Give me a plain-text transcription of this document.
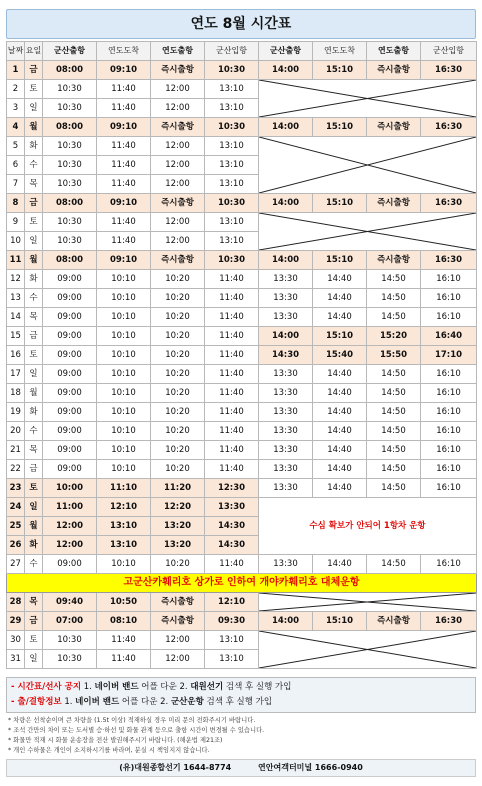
연도 8월 시간표
날짜	요일	군산출항	연도도착	연도출항	군산입항	군산출항	연도도착	연도출항	군산입항
1	금	08:00	09:10	즉시출항	10:30	14:00	15:10	즉시출항	16:30
2	토	10:30	11:40	12:00	13:10	

3	일	10:30	11:40	12:00	13:10				
4	월	08:00	09:10	즉시출항	10:30	14:00	15:10	즉시출항	16:30
5	화	10:30	11:40	12:00	13:10	

6	수	10:30	11:40	12:00	13:10				
7	목	10:30	11:40	12:00	13:10				
8	금	08:00	09:10	즉시출항	10:30	14:00	15:10	즉시출항	16:30
9	토	10:30	11:40	12:00	13:10	

10	일	10:30	11:40	12:00	13:10				
11	월	08:00	09:10	즉시출항	10:30	14:00	15:10	즉시출항	16:30
12	화	09:00	10:10	10:20	11:40	13:30	14:40	14:50	16:10
13	수	09:00	10:10	10:20	11:40	13:30	14:40	14:50	16:10
14	목	09:00	10:10	10:20	11:40	13:30	14:40	14:50	16:10
15	금	09:00	10:10	10:20	11:40	14:00	15:10	15:20	16:40
16	토	09:00	10:10	10:20	11:40	14:30	15:40	15:50	17:10
17	일	09:00	10:10	10:20	11:40	13:30	14:40	14:50	16:10
18	월	09:00	10:10	10:20	11:40	13:30	14:40	14:50	16:10
19	화	09:00	10:10	10:20	11:40	13:30	14:40	14:50	16:10
20	수	09:00	10:10	10:20	11:40	13:30	14:40	14:50	16:10
21	목	09:00	10:10	10:20	11:40	13:30	14:40	14:50	16:10
22	금	09:00	10:10	10:20	11:40	13:30	14:40	14:50	16:10
23	토	10:00	11:10	11:20	12:30	13:30	14:40	14:50	16:10
24	일	11:00	12:10	12:20	13:30	수심 확보가 안되어 1항차 운항			
25	월	12:00	13:10	13:20	14:30				
26	화	12:00	13:10	13:20	14:30				
27	수	09:00	10:10	10:20	11:40	13:30	14:40	14:50	16:10
고군산카훼리호 상가로 인하여 개야카훼리호 대체운항									
28	목	09:40	10:50	즉시출항	12:10	

29	금	07:00	08:10	즉시출항	09:30	14:00	15:10	즉시출항	16:30
30	토	10:30	11:40	12:00	13:10	

31	일	10:30	11:40	12:00	13:10				
- 시간표/선사 공지 1. 네이버 밴드 어플 다운 2. 대원선기 검색 후 실행 가입
- 출/결항정보 1. 네이버 밴드 어플 다운 2. 군산운항 검색 후 실행 가입
* 차량은 선착순이며 큰 차량을 (1.5t 이상) 적재하실 경우 미리 문의 전화주시기 바랍니다.
* 조석 간만의 차이 또는 도서별 승·하선 및 화물 관계 등으로 출항 시간이 변경될 수 있습니다.
* 화물만 적재 시 화물 운송장을 전산 발권해주시기 바랍니다. (해운법 제21조)
* 개인 수하물은 개인이 소지하시기를 바라며, 분실 시 책임지지 않습니다.
(유)대원종합선기 1644-8774	연안여객터미널 1666-0940
